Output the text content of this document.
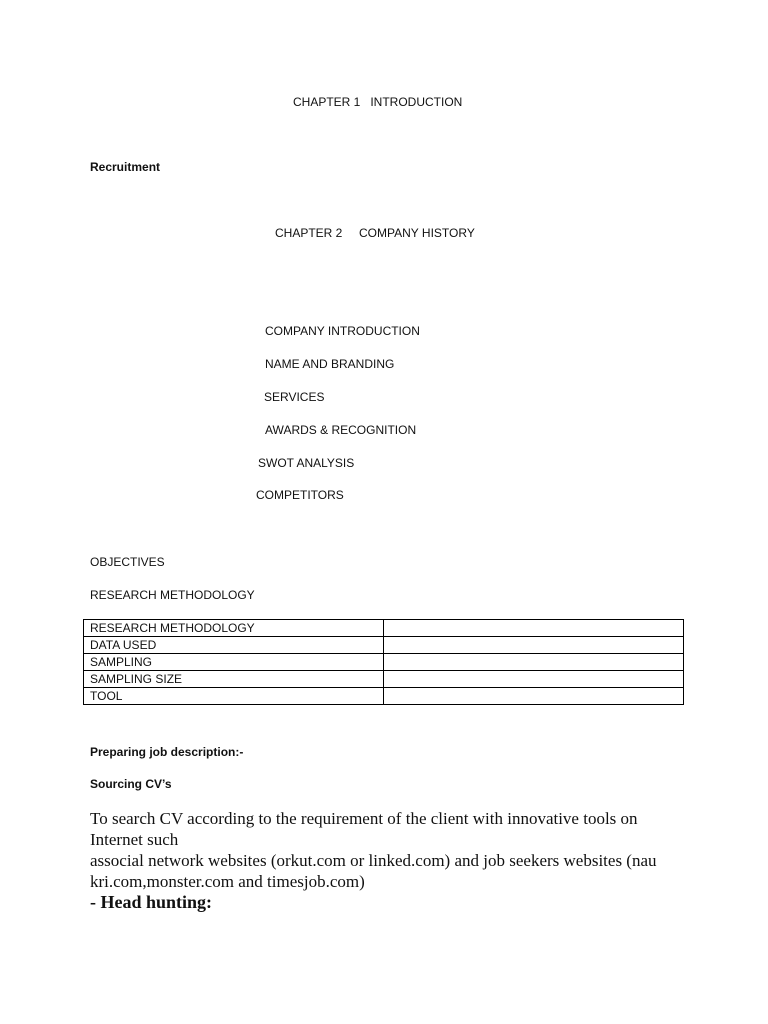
CHAPTER 1   INTRODUCTION
Recruitment
CHAPTER 2     COMPANY HISTORY
COMPANY INTRODUCTION
NAME AND BRANDING
SERVICES
AWARDS & RECOGNITION
SWOT ANALYSIS
COMPETITORS
OBJECTIVES
RESEARCH METHODOLOGY
RESEARCH METHODOLOGY	
DATA USED	
SAMPLING	
SAMPLING SIZE	
TOOL	
Preparing job description:-
Sourcing CV’s

To search CV according to the requirement of the client with innovative tools on Internet such

associal network websites (orkut.com or linked.com) and job seekers websites (nau kri.com,monster.com and timesjob.com)

- Head hunting:
